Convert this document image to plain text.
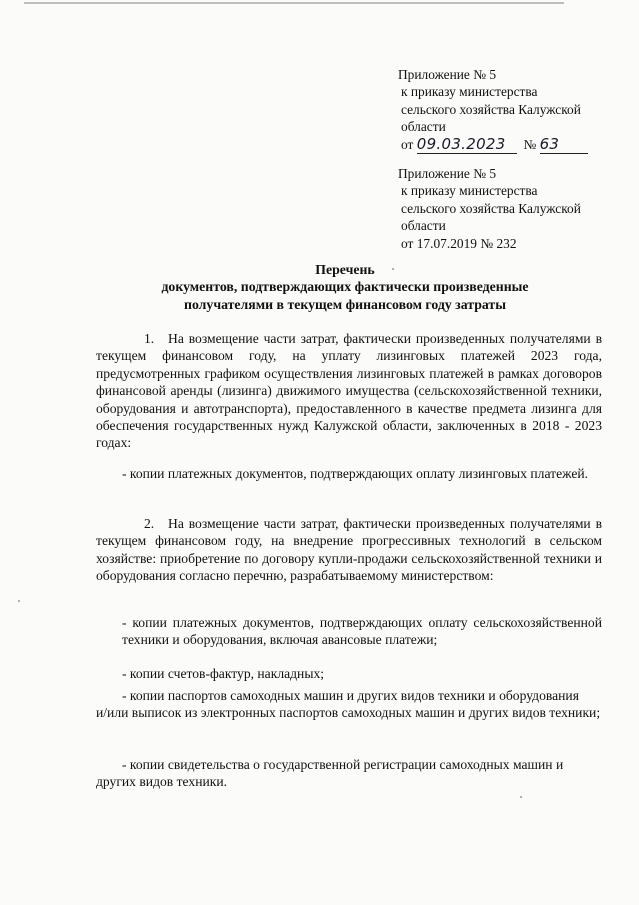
Приложение № 5
к приказу министерства
сельского хозяйства Калужской
области
от 09.03.2023 № 63
Приложение № 5
к приказу министерства
сельского хозяйства Калужской
области
от 17.07.2019 № 232
Перечень
документов, подтверждающих фактически произведенные
получателями в текущем финансовом году затраты
1. На возмещение части затрат, фактически произведенных получателями в текущем финансовом году, на уплату лизинговых платежей 2023 года, предусмотренных графиком осуществления лизинговых платежей в рамках договоров финансовой аренды (лизинга) движимого имущества (сельскохозяйственной техники, оборудования и автотранспорта), предоставленного в качестве предмета лизинга для обеспечения государственных нужд Калужской области, заключенных в 2018 - 2023 годах:
- копии платежных документов, подтверждающих оплату лизинговых платежей.
2. На возмещение части затрат, фактически произведенных получателями в текущем финансовом году, на внедрение прогрессивных технологий в сельском хозяйстве: приобретение по договору купли-продажи сельскохозяйственной техники и оборудования согласно перечню, разрабатываемому министерством:
- копии платежных документов, подтверждающих оплату сельскохозяйственной техники и оборудования, включая авансовые платежи;
- копии счетов-фактур, накладных;
- копии паспортов самоходных машин и других видов техники и оборудования
и/или выписок из электронных паспортов самоходных машин и других видов техники;
- копии свидетельства о государственной регистрации самоходных машин и
других видов техники.
